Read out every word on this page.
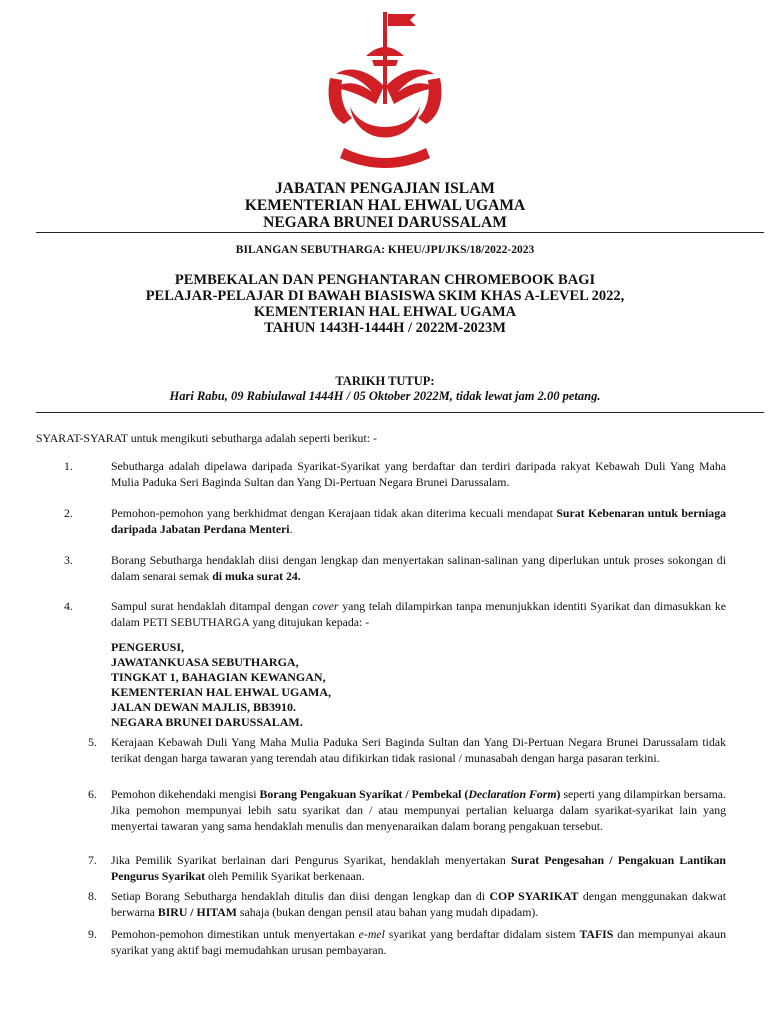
JABATAN PENGAJIAN ISLAM
KEMENTERIAN HAL EHWAL UGAMA
NEGARA BRUNEI DARUSSALAM
BILANGAN SEBUTHARGA: KHEU/JPI/JKS/18/2022-2023
PEMBEKALAN DAN PENGHANTARAN CHROMEBOOK BAGI
PELAJAR-PELAJAR DI BAWAH BIASISWA SKIM KHAS A-LEVEL 2022,
KEMENTERIAN HAL EHWAL UGAMA
TAHUN 1443H-1444H / 2022M-2023M
TARIKH TUTUP:
Hari Rabu, 09 Rabiulawal 1444H / 05 Oktober 2022M, tidak lewat jam 2.00 petang.
SYARAT-SYARAT untuk mengikuti sebutharga adalah seperti berikut: -
1.	Sebutharga adalah dipelawa daripada Syarikat-Syarikat yang berdaftar dan terdiri daripada rakyat Kebawah Duli Yang Maha Mulia Paduka Seri Baginda Sultan dan Yang Di-Pertuan Negara Brunei Darussalam.
2.	Pemohon-pemohon yang berkhidmat dengan Kerajaan tidak akan diterima kecuali mendapat Surat Kebenaran untuk berniaga daripada Jabatan Perdana Menteri.
3.	Borang Sebutharga hendaklah diisi dengan lengkap dan menyertakan salinan-salinan yang diperlukan untuk proses sokongan di dalam senarai semak di muka surat 24.
4.	Sampul surat hendaklah ditampal dengan cover yang telah dilampirkan tanpa menunjukkan identiti Syarikat dan dimasukkan ke dalam PETI SEBUTHARGA yang ditujukan kepada: -
PENGERUSI,
JAWATANKUASA SEBUTHARGA,
TINGKAT 1, BAHAGIAN KEWANGAN,
KEMENTERIAN HAL EHWAL UGAMA,
JALAN DEWAN MAJLIS, BB3910.
NEGARA BRUNEI DARUSSALAM.
5. Kerajaan Kebawah Duli Yang Maha Mulia Paduka Seri Baginda Sultan dan Yang Di-Pertuan Negara Brunei Darussalam tidak terikat dengan harga tawaran yang terendah atau difikirkan tidak rasional / munasabah dengan harga pasaran terkini.
6. Pemohon dikehendaki mengisi Borang Pengakuan Syarikat / Pembekal (Declaration Form) seperti yang dilampirkan bersama. Jika pemohon mempunyai lebih satu syarikat dan / atau mempunyai pertalian keluarga dalam syarikat-syarikat lain yang menyertai tawaran yang sama hendaklah menulis dan menyenaraikan dalam borang pengakuan tersebut.
7. Jika Pemilik Syarikat berlainan dari Pengurus Syarikat, hendaklah menyertakan Surat Pengesahan / Pengakuan Lantikan Pengurus Syarikat oleh Pemilik Syarikat berkenaan.
8. Setiap Borang Sebutharga hendaklah ditulis dan diisi dengan lengkap dan di COP SYARIKAT dengan menggunakan dakwat berwarna BIRU / HITAM sahaja (bukan dengan pensil atau bahan yang mudah dipadam).
9. Pemohon-pemohon dimestikan untuk menyertakan e-mel syarikat yang berdaftar didalam sistem TAFIS dan mempunyai akaun syarikat yang aktif bagi memudahkan urusan pembayaran.
